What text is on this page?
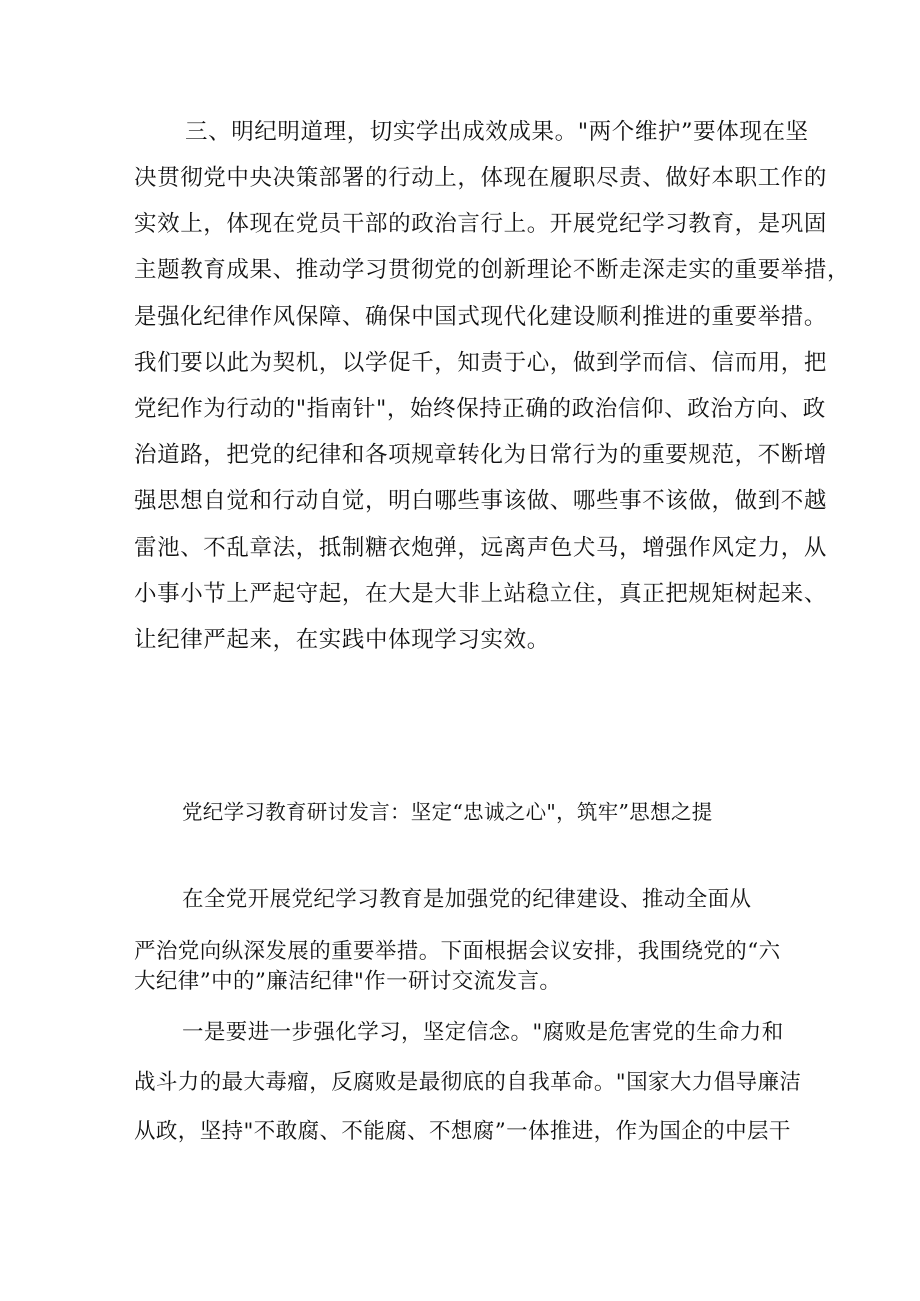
三、明纪明道理，切实学出成效成果。"两个维护”要体现在坚
决贯彻党中央决策部署的行动上，体现在履职尽责、做好本职工作的
实效上，体现在党员干部的政治言行上。开展党纪学习教育，是巩固
主题教育成果、推动学习贯彻党的创新理论不断走深走实的重要举措，
是强化纪律作风保障、确保中国式现代化建设顺利推进的重要举措。
我们要以此为契机，以学促千，知责于心，做到学而信、信而用，把
党纪作为行动的"指南针"，始终保持正确的政治信仰、政治方向、政
治道路，把党的纪律和各项规章转化为日常行为的重要规范，不断增
强思想自觉和行动自觉，明白哪些事该做、哪些事不该做，做到不越
雷池、不乱章法，抵制糖衣炮弹，远离声色犬马，增强作风定力，从
小事小节上严起守起，在大是大非上站稳立住，真正把规矩树起来、
让纪律严起来，在实践中体现学习实效。
党纪学习教育研讨发言：坚定“忠诚之心"，筑牢”思想之提
在全党开展党纪学习教育是加强党的纪律建设、推动全面从
严治党向纵深发展的重要举措。下面根据会议安排，我围绕党的“六
大纪律”中的”廉洁纪律"作一研讨交流发言。
一是要进一步强化学习，坚定信念。"腐败是危害党的生命力和
战斗力的最大毒瘤，反腐败是最彻底的自我革命。"国家大力倡导廉洁
从政，坚持"不敢腐、不能腐、不想腐”一体推进，作为国企的中层干
